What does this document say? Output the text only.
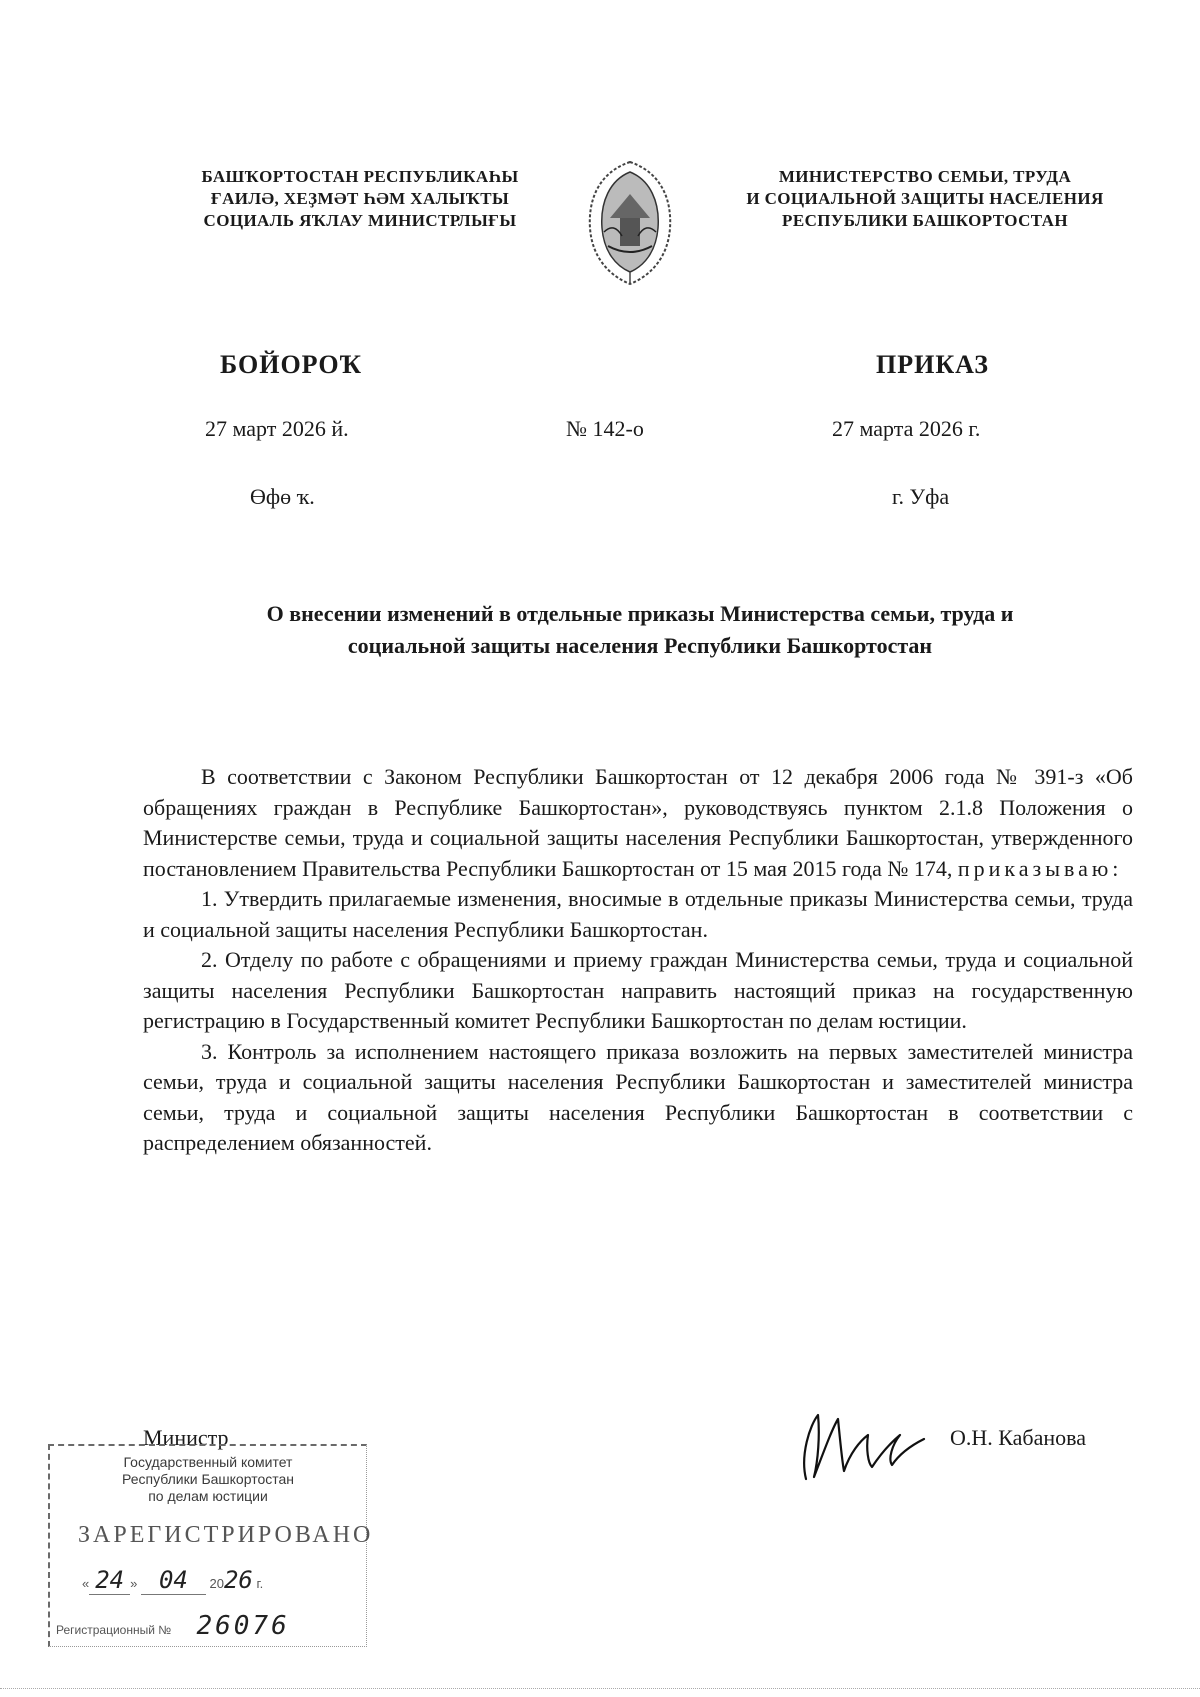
БАШҠОРТОСТАН РЕСПУБЛИКАҺЫ
ҒАИЛӘ, ХЕҘМӘТ ҺӘМ ХАЛЫҠТЫ
СОЦИАЛЬ ЯҠЛАУ МИНИСТРЛЫҒЫ
МИНИСТЕРСТВО СЕМЬИ, ТРУДА
И СОЦИАЛЬНОЙ ЗАЩИТЫ НАСЕЛЕНИЯ
РЕСПУБЛИКИ БАШКОРТОСТАН
БОЙОРОҠ	ПРИКАЗ
27 март 2026 й.	№ 142-о	27 марта 2026 г.
Өфө ҡ.	г. Уфа
О внесении изменений в отдельные приказы Министерства семьи, труда и
социальной защиты населения Республики Башкортостан

В соответствии с Законом Республики Башкортостан от 12 декабря 2006 года № 391-з «Об обращениях граждан в Республике Башкортостан», руководствуясь пунктом 2.1.8 Положения о Министерстве семьи, труда и социальной защиты населения Республики Башкортостан, утвержденного постановлением Правительства Республики Башкортостан от 15 мая 2015 года № 174, приказываю:

1. Утвердить прилагаемые изменения, вносимые в отдельные приказы Министерства семьи, труда и социальной защиты населения Республики Башкортостан.

2. Отделу по работе с обращениями и приему граждан Министерства семьи, труда и социальной защиты населения Республики Башкортостан направить настоящий приказ на государственную регистрацию в Государственный комитет Республики Башкортостан по делам юстиции.

3. Контроль за исполнением настоящего приказа возложить на первых заместителей министра семьи, труда и социальной защиты населения Республики Башкортостан и заместителей министра семьи, труда и социальной защиты населения Республики Башкортостан в соответствии с распределением обязанностей.

Министр	О.Н. Кабанова
Государственный комитет
Республики Башкортостан
по делам юстиции
ЗАРЕГИСТРИРОВАНО
« 24 » 04 2026 г.
Регистрационный № 26076
